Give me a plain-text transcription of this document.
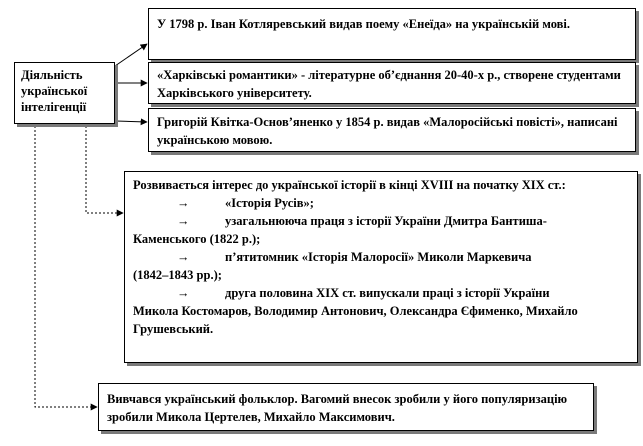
Діяльність української інтелігенції

У 1798 р. Іван Котляревський видав поему «Енеїда» на українській мові.

«Харківські романтики» - літературне об’єднання 20-40-х р., створене студентами Харківського університету.

Григорій Квітка-Основ’яненко у 1854 р. видав «Малоросійські повісті», написані українською мовою.

Розвивається інтерес до української історії в кінці XVIII на початку XIX ст.:

→	«Історія Русів»;
→	узагальнююча праця з історії України Дмитра Бантиша-

Каменського (1822 р.);

→	п’ятитомник «Історія Малоросії» Миколи Маркевича

(1842–1843 рр.);

→	друга половина XIX ст. випускали праці з історії України

Микола Костомаров, Володимир Антонович, Олександра Єфименко, Михайло Грушевський.

Вивчався український фольклор. Вагомий внесок зробили у його популяризацію зробили Микола Цертелев, Михайло Максимович.
